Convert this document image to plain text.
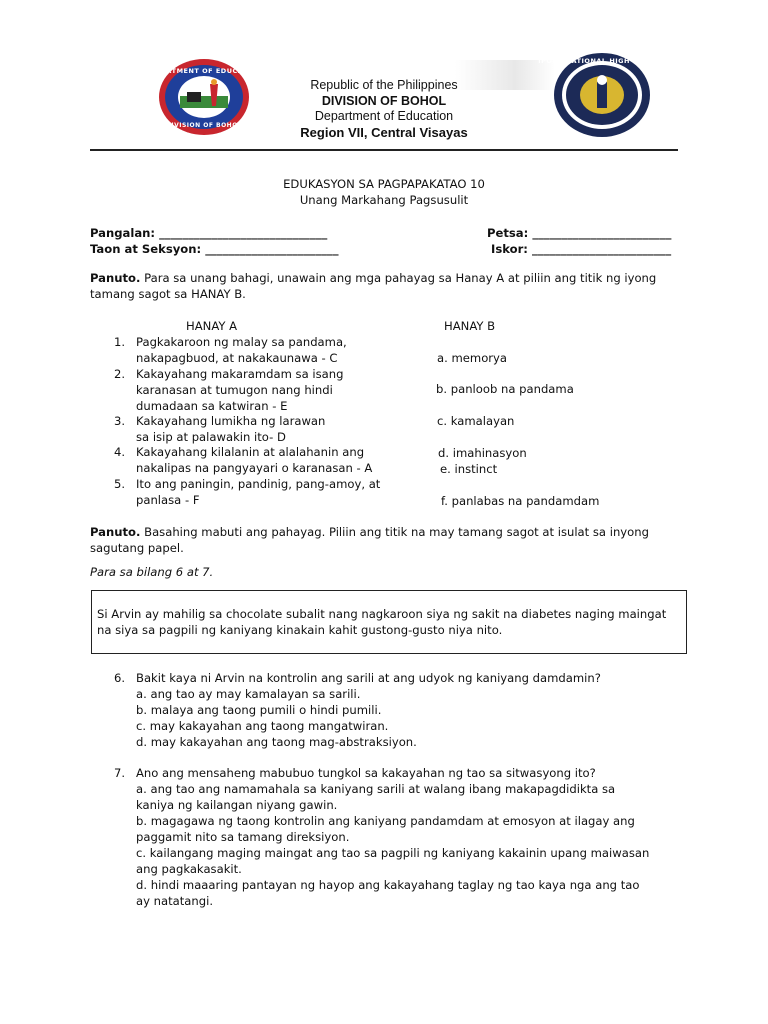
DEPARTMENT OF EDUCATION
DIVISION OF BOHOL
Republic of the Philippines
DIVISION OF BOHOL
Department of Education
Region VII, Central Visayas
IPOLO NATIONAL HIGH SCHOOL
EDUKASYON SA PAGPAPAKATAO 10
Unang Markahang Pagsusulit
Pangalan: _____________________________
Taon at Seksyon: _______________________
Petsa: ________________________
Iskor: ________________________
Panuto. Para sa unang bahagi, unawain ang mga pahayag sa Hanay A at piliin ang titik ng iyong tamang sagot sa HANAY B.
HANAY A	HANAY B
1.
2.
3.
4.
5.
Pagkakaroon ng malay sa pandama,
nakapagbuod, at nakakaunawa - C
Kakayahang makaramdam sa isang
karanasan at tumugon nang hindi
dumadaan sa katwiran - E
Kakayahang lumikha ng larawan
sa isip at palawakin ito- D
Kakayahang kilalanin at alalahanin ang
nakalipas na pangyayari o karanasan - A
Ito ang paningin, pandinig, pang-amoy, at
panlasa - F
a. memorya
b. panloob na pandama
c. kamalayan
d. imahinasyon
e. instinct
f. panlabas na pandamdam
Panuto. Basahing mabuti ang pahayag. Piliin ang titik na may tamang sagot at isulat sa inyong sagutang papel.
Para sa bilang 6 at 7.
Si Arvin ay mahilig sa chocolate subalit nang nagkaroon siya ng sakit na diabetes naging maingat na siya sa pagpili ng kaniyang kinakain kahit gustong-gusto niya nito.
6. Bakit kaya ni Arvin na kontrolin ang sarili at ang udyok ng kaniyang damdamin?
a. ang tao ay may kamalayan sa sarili.
b. malaya ang taong pumili o hindi pumili.
c. may kakayahan ang taong mangatwiran.
d. may kakayahan ang taong mag-abstraksiyon.
7. Ano ang mensaheng mabubuo tungkol sa kakayahan ng tao sa sitwasyong ito?
a. ang tao ang namamahala sa kaniyang sarili at walang ibang makapagdidikta sa kaniya ng kailangan niyang gawin.
b. magagawa ng taong kontrolin ang kaniyang pandamdam at emosyon at ilagay ang paggamit nito sa tamang direksiyon.
c. kailangang maging maingat ang tao sa pagpili ng kaniyang kakainin upang maiwasan ang pagkakasakit.
d. hindi maaaring pantayan ng hayop ang kakayahang taglay ng tao kaya nga ang tao ay natatangi.
